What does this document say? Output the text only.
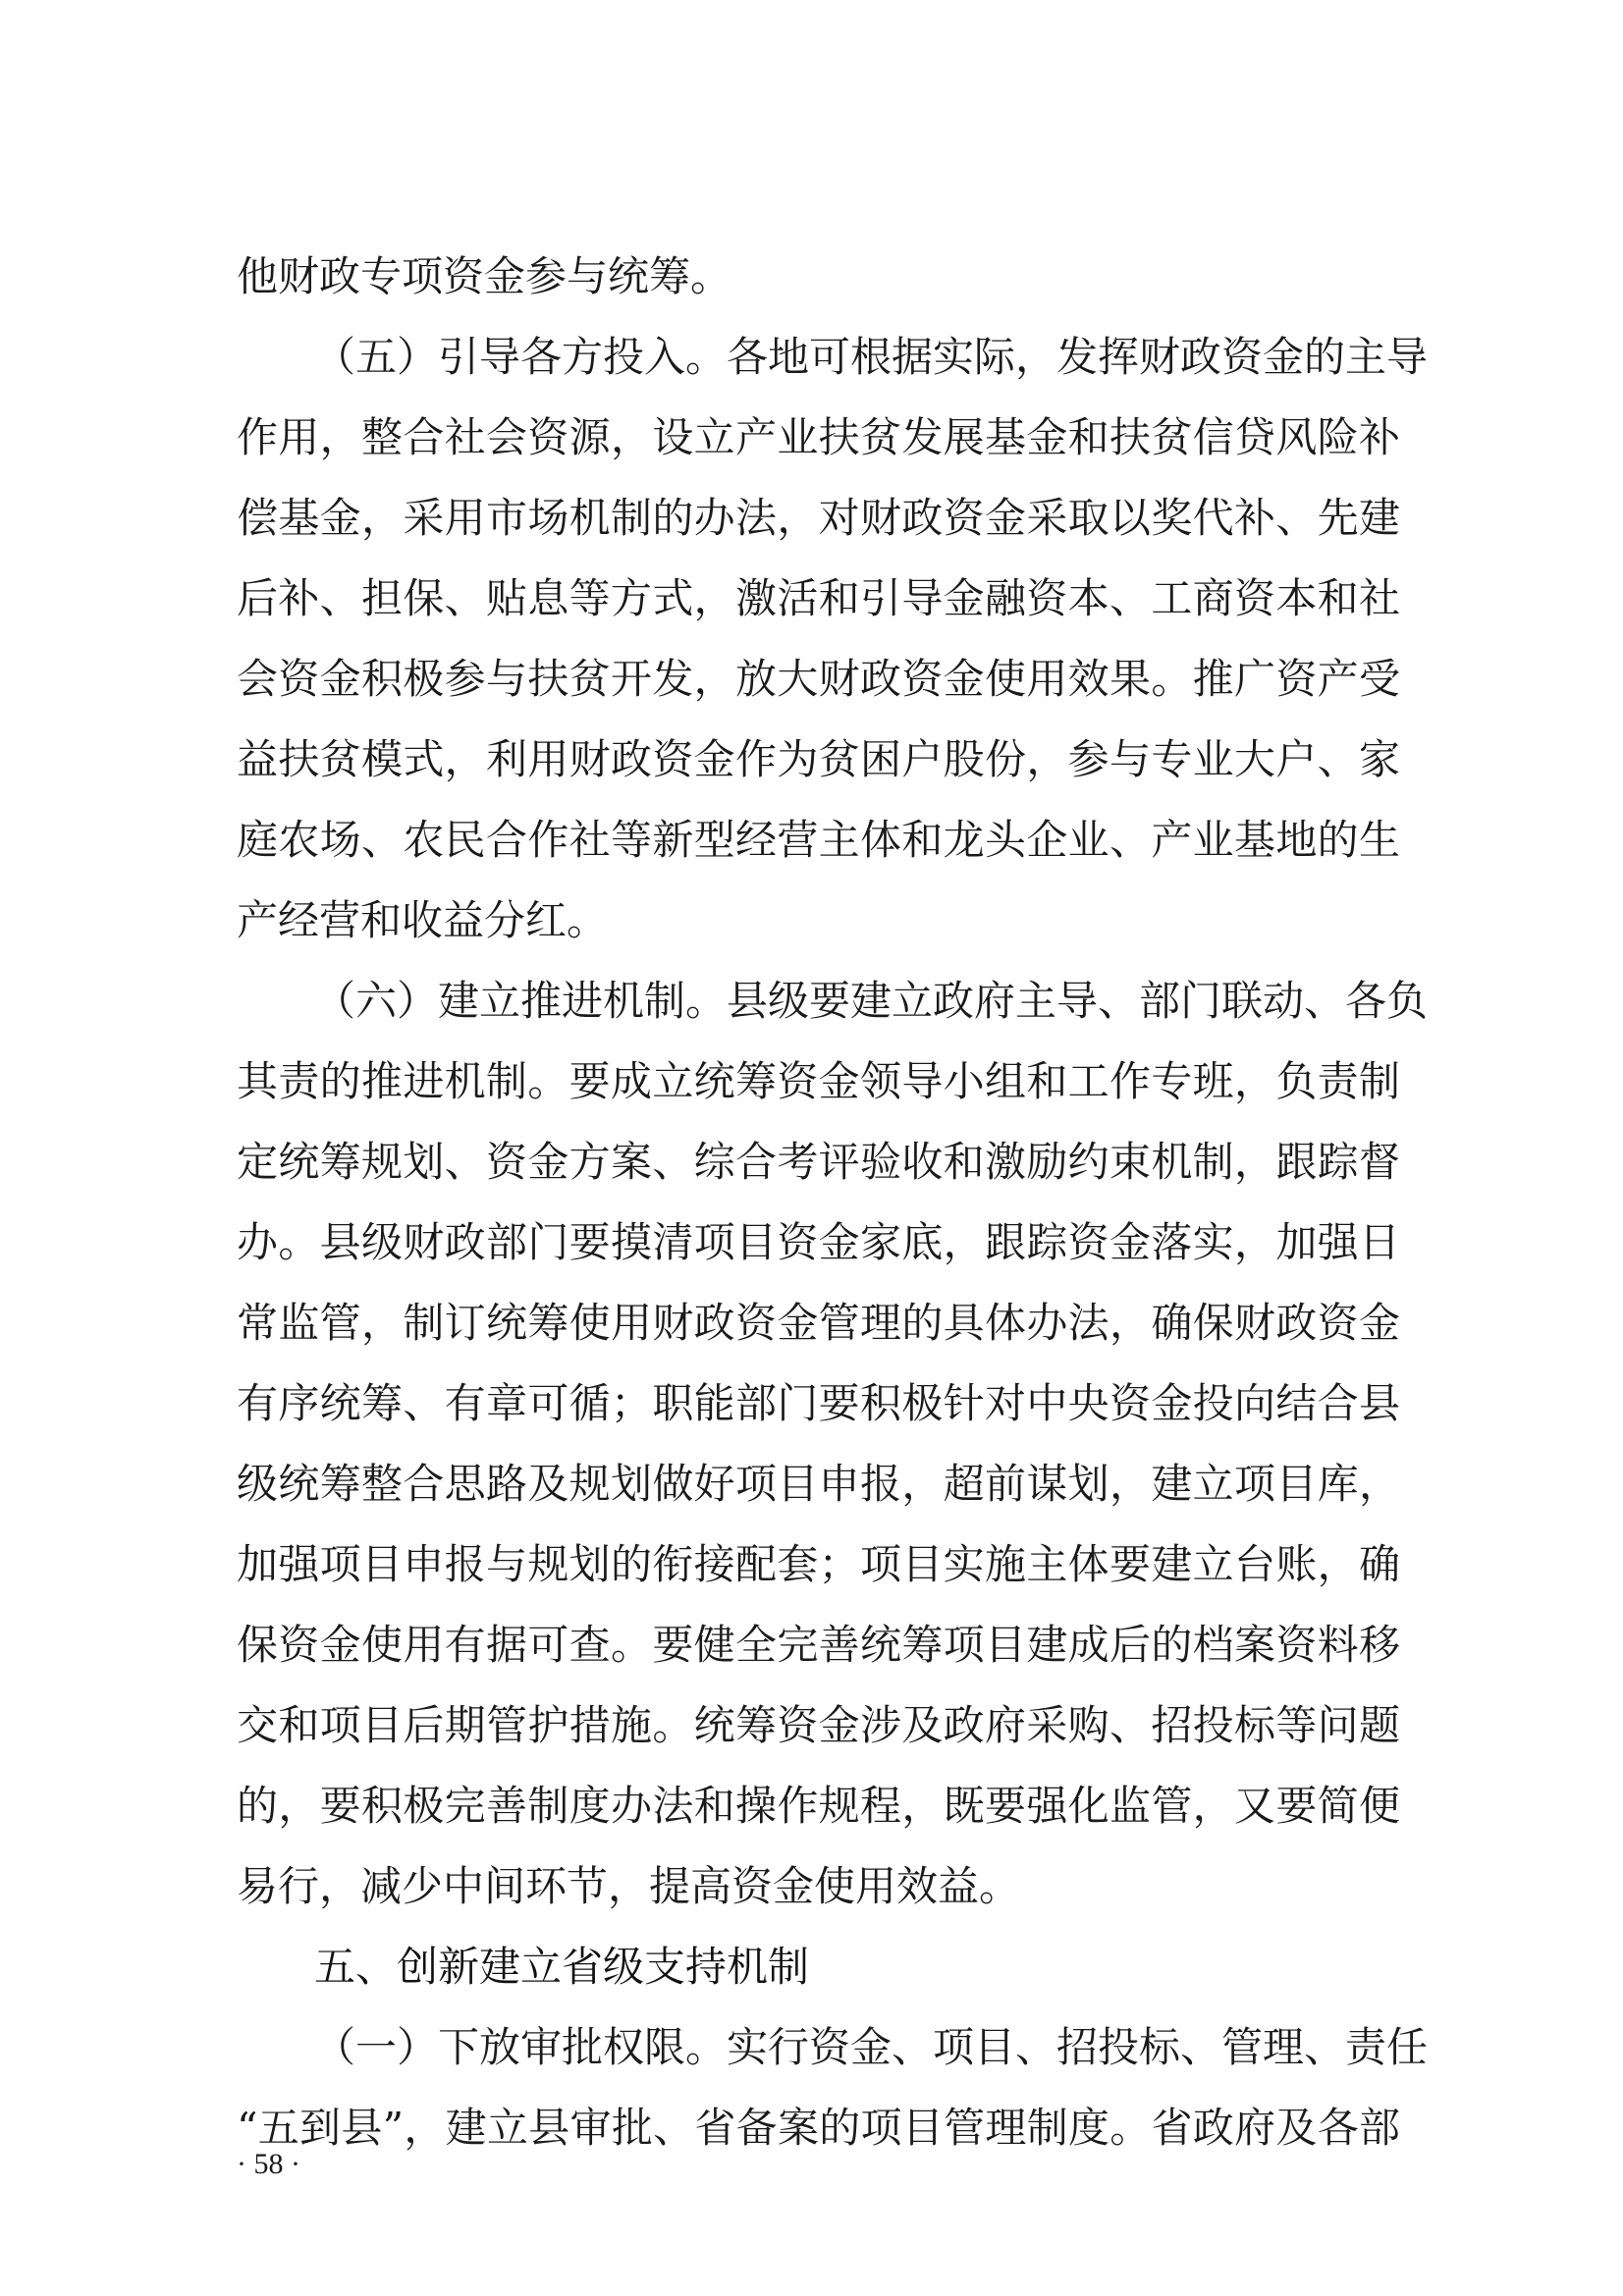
他财政专项资金参与统筹。
（五）引导各方投入。各地可根据实际，发挥财政资金的主导
作用，整合社会资源，设立产业扶贫发展基金和扶贫信贷风险补
偿基金，采用市场机制的办法，对财政资金采取以奖代补、先建
后补、担保、贴息等方式，激活和引导金融资本、工商资本和社
会资金积极参与扶贫开发，放大财政资金使用效果。推广资产受
益扶贫模式，利用财政资金作为贫困户股份，参与专业大户、家
庭农场、农民合作社等新型经营主体和龙头企业、产业基地的生
产经营和收益分红。
（六）建立推进机制。县级要建立政府主导、部门联动、各负
其责的推进机制。要成立统筹资金领导小组和工作专班，负责制
定统筹规划、资金方案、综合考评验收和激励约束机制，跟踪督
办。县级财政部门要摸清项目资金家底，跟踪资金落实，加强日
常监管，制订统筹使用财政资金管理的具体办法，确保财政资金
有序统筹、有章可循；职能部门要积极针对中央资金投向结合县
级统筹整合思路及规划做好项目申报，超前谋划，建立项目库，
加强项目申报与规划的衔接配套；项目实施主体要建立台账，确
保资金使用有据可查。要健全完善统筹项目建成后的档案资料移
交和项目后期管护措施。统筹资金涉及政府采购、招投标等问题
的，要积极完善制度办法和操作规程，既要强化监管，又要简便
易行，减少中间环节，提高资金使用效益。
五、创新建立省级支持机制
（一）下放审批权限。实行资金、项目、招投标、管理、责任
“五到县”，建立县审批、省备案的项目管理制度。省政府及各部
· 58 ·
